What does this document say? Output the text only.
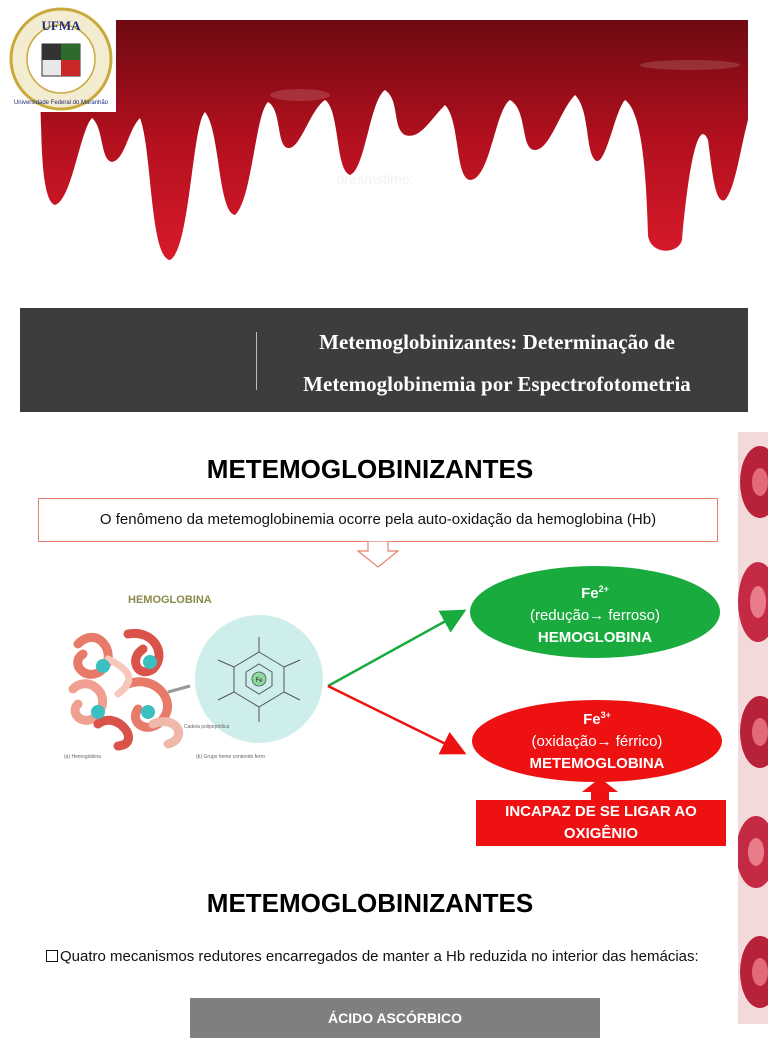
dreamstime.
UFMA
Universidade Federal do Maranhão
Metemoglobinizantes: Determinação de
Metemoglobinemia por Espectrofotometria
METEMOGLOBINIZANTES
O fenômeno da metemoglobinemia ocorre pela auto-oxidação da hemoglobina (Hb)
HEMOGLOBINA
Fe
(a) Hemoglobina	(b) Grupo heme contendo ferro
Cadeia polipeptídica
$Fe^{2+}$
(redução→ ferroso)
HEMOGLOBINA
$Fe^{3+}$
(oxidação→ férrico)
METEMOGLOBINA
INCAPAZ DE SE LIGAR AO
OXIGÊNIO
METEMOGLOBINIZANTES
Quatro mecanismos redutores encarregados de manter a Hb reduzida no interior das hemácias:
ÁCIDO ASCÓRBICO
